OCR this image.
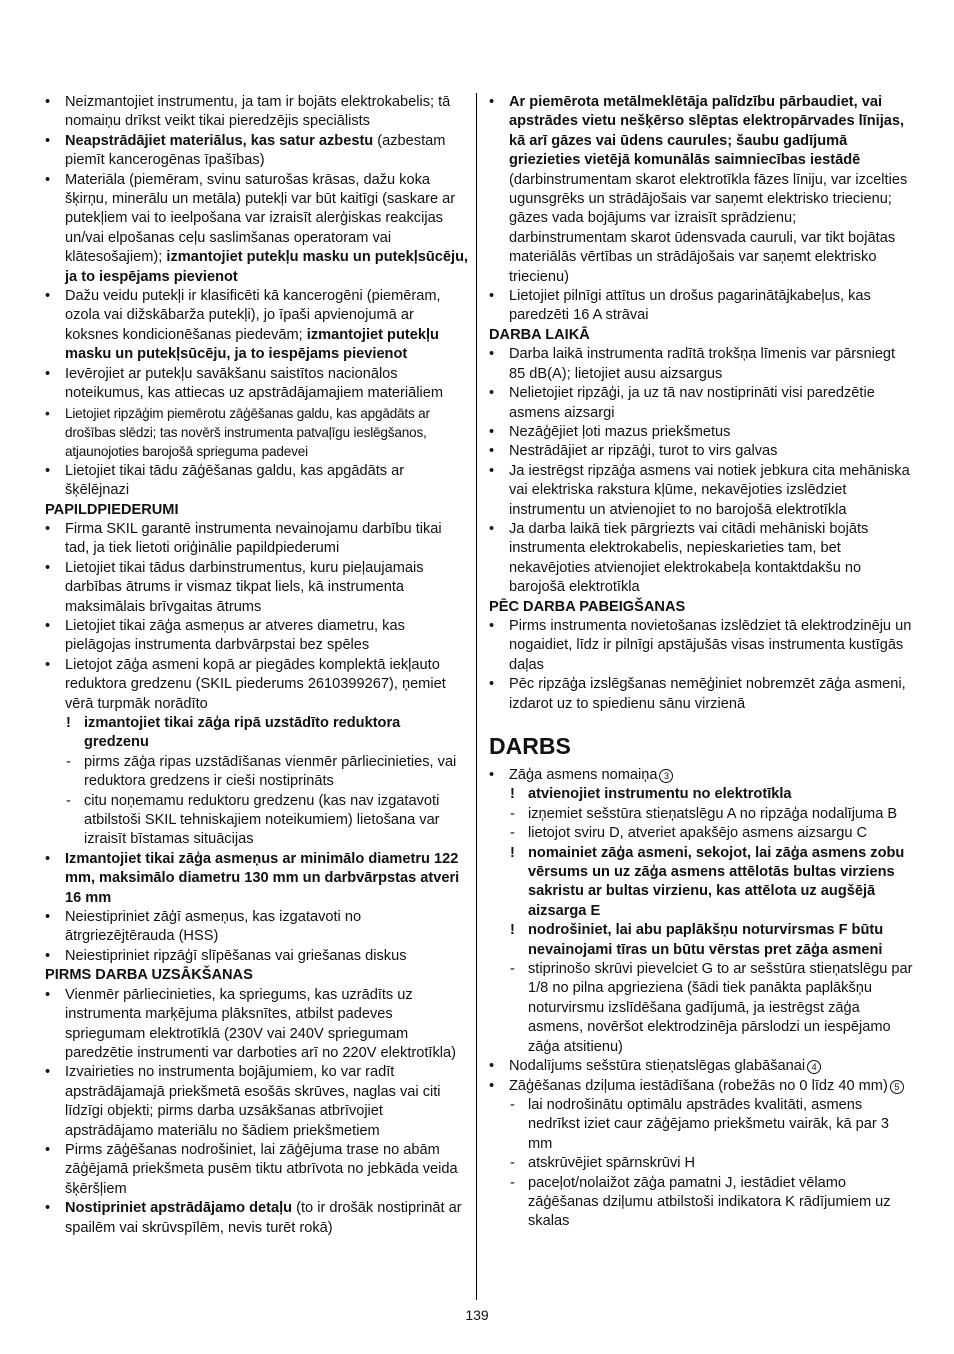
• Neizmantojiet instrumentu, ja tam ir bojāts elektrokabelis; tā nomaiņu drīkst veikt tikai pieredzējis speciālists
• Neapstrādājiet materiālus, kas satur azbestu (azbestam piemīt kancerogēnas īpašības)
• Materiāla (piemēram, svinu saturošas krāsas, dažu koka šķirņu, minerālu un metāla) putekļi var būt kaitīgi (saskare ar putekļiem vai to ieelpošana var izraisīt alerģiskas reakcijas un/vai elpošanas ceļu saslimšanas operatoram vai klātesošajiem); izmantojiet putekļu masku un putekļsūcēju, ja to iespējams pievienot
• Dažu veidu putekļi ir klasificēti kā kancerogēni (piemēram, ozola vai dižskābarža putekļi), jo īpaši apvienojumā ar koksnes kondicionēšanas piedevām; izmantojiet putekļu masku un putekļsūcēju, ja to iespējams pievienot
• Ievērojiet ar putekļu savākšanu saistītos nacionālos noteikumus, kas attiecas uz apstrādājamajiem materiāliem
• Lietojiet ripzāģim piemērotu zāģēšanas galdu, kas apgādāts ar drošības slēdzi; tas novērš instrumenta patvaļīgu ieslēgšanos, atjaunojoties barojošā sprieguma padevei
• Lietojiet tikai tādu zāģēšanas galdu, kas apgādāts ar šķēlējnazi
PAPILDPIEDERUMI
• Firma SKIL garantē instrumenta nevainojamu darbību tikai tad, ja tiek lietoti oriģinālie papildpiederumi
• Lietojiet tikai tādus darbinstrumentus, kuru pieļaujamais darbības ātrums ir vismaz tikpat liels, kā instrumenta maksimālais brīvgaitas ātrums
• Lietojiet tikai zāģa asmeņus ar atveres diametru, kas pielāgojas instrumenta darbvārpstai bez spēles
• Lietojot zāģa asmeni kopā ar piegādes komplektā iekļauto reduktora gredzenu (SKIL piederums 2610399267), ņemiet vērā turpmāk norādīto
! izmantojiet tikai zāģa ripā uzstādīto reduktora gredzenu
- pirms zāģa ripas uzstādīšanas vienmēr pārliecinieties, vai reduktora gredzens ir cieši nostiprināts
- citu noņemamu reduktoru gredzenu (kas nav izgatavoti atbilstoši SKIL tehniskajiem noteikumiem) lietošana var izraisīt bīstamas situācijas
• Izmantojiet tikai zāģa asmeņus ar minimālo diametru 122 mm, maksimālo diametru 130 mm un darbvārpstas atveri 16 mm
• Neiestipriniet zāģī asmeņus, kas izgatavoti no ātrgriezējtērauda (HSS)
• Neiestipriniet ripzāģī slīpēšanas vai griešanas diskus
PIRMS DARBA UZSĀKŠANAS
• Vienmēr pārliecinieties, ka spriegums, kas uzrādīts uz instrumenta marķējuma plāksnītes, atbilst padeves spriegumam elektrotīklā (230V vai 240V spriegumam paredzētie instrumenti var darboties arī no 220V elektrotīkla)
• Izvairieties no instrumenta bojājumiem, ko var radīt apstrādājamajā priekšmetā esošās skrūves, naglas vai citi līdzīgi objekti; pirms darba uzsākšanas atbrīvojiet apstrādājamo materiālu no šādiem priekšmetiem
• Pirms zāģēšanas nodrošiniet, lai zāģējuma trase no abām zāģējamā priekšmeta pusēm tiktu atbrīvota no jebkāda veida šķēršļiem
• Nostipriniet apstrādājamo detaļu (to ir drošāk nostiprināt ar spailēm vai skrūvspīlēm, nevis turēt rokā)
• Ar piemērota metālmeklētāja palīdzību pārbaudiet, vai apstrādes vietu nešķērso slēptas elektropārvades līnijas, kā arī gāzes vai ūdens caurules; šaubu gadījumā griezieties vietējā komunālās saimniecības iestādē (darbinstrumentam skarot elektrotīkla fāzes līniju, var izcelties ugunsgrēks un strādājošais var saņemt elektrisko triecienu; gāzes vada bojājums var izraisīt sprādzienu; darbinstrumentam skarot ūdensvada cauruli, var tikt bojātas materiālās vērtības un strādājošais var saņemt elektrisko triecienu)
• Lietojiet pilnīgi attītus un drošus pagarinātājkabeļus, kas paredzēti 16 A strāvai
DARBA LAIKĀ
• Darba laikā instrumenta radītā trokšņa līmenis var pārsniegt 85 dB(A); lietojiet ausu aizsargus
• Nelietojiet ripzāģi, ja uz tā nav nostiprināti visi paredzētie asmens aizsargi
• Nezāģējiet ļoti mazus priekšmetus
• Nestrādājiet ar ripzāģi, turot to virs galvas
• Ja iestrēgst ripzāģa asmens vai notiek jebkura cita mehāniska vai elektriska rakstura kļūme, nekavējoties izslēdziet instrumentu un atvienojiet to no barojošā elektrotīkla
• Ja darba laikā tiek pārgriezts vai citādi mehāniski bojāts instrumenta elektrokabelis, nepieskarieties tam, bet nekavējoties atvienojiet elektrokabeļa kontaktdakšu no barojošā elektrotīkla
PĒC DARBA PABEIGŠANAS
• Pirms instrumenta novietošanas izslēdziet tā elektrodzinēju un nogaidiet, līdz ir pilnīgi apstājušās visas instrumenta kustīgās daļas
• Pēc ripzāģa izslēgšanas nemēģiniet nobremzēt zāģa asmeni, izdarot uz to spiedienu sānu virzienā
DARBS
• Zāģa asmens nomaiņa 3
! atvienojiet instrumentu no elektrotīkla
- izņemiet sešstūra stieņatslēgu A no ripzāģa nodalījuma B
- lietojot sviru D, atveriet apakšējo asmens aizsargu C
! nomainiet zāģa asmeni, sekojot, lai zāģa asmens zobu vērsums un uz zāģa asmens attēlotās bultas virziens sakristu ar bultas virzienu, kas attēlota uz augšējā aizsarga E
! nodrošiniet, lai abu paplākšņu noturvirsmas F būtu nevainojami tīras un būtu vērstas pret zāģa asmeni
- stiprinošo skrūvi pievelciet G to ar sešstūra stieņatslēgu par 1/8 no pilna apgrieziena (šādi tiek panākta paplākšņu noturvirsmu izslīdēšana gadījumā, ja iestrēgst zāģa asmens, novēršot elektrodzinēja pārslodzi un iespējamo zāģa atsitienu)
• Nodalījums sešstūra stieņatslēgas glabāšanai 4
• Zāģēšanas dziļuma iestādīšana (robežās no 0 līdz 40 mm) 5
- lai nodrošinātu optimālu apstrādes kvalitāti, asmens nedrīkst iziet caur zāģējamo priekšmetu vairāk, kā par 3 mm
- atskrūvējiet spārnskrūvi H
- paceļot/nolaižot zāģa pamatni J, iestādiet vēlamo zāģēšanas dziļumu atbilstoši indikatora K rādījumiem uz skalas
139
